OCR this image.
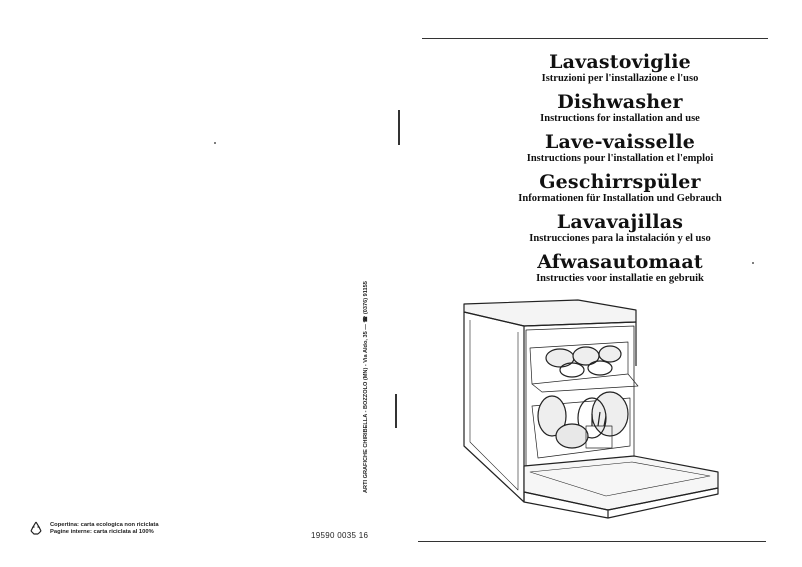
Lavastoviglie
Istruzioni per l'installazione e l'uso
Dishwasher
Instructions for installation and use
Lave-vaisselle
Instructions pour l'installation et l'emploi
Geschirrspüler
Informationen für Installation und Gebrauch
Lavavajillas
Instrucciones para la instalación y el uso
Afwasautomaat
Instructies voor installatie en gebruik
ARTI GRAFICHE CHIRIBELLA - BOZZOLO (MN) - Via Aldo, 35 — ☎ (0376) 91155
19590 0035 16
Copertina: carta ecologica non riciclata
Pagine interne: carta riciclata al 100%
